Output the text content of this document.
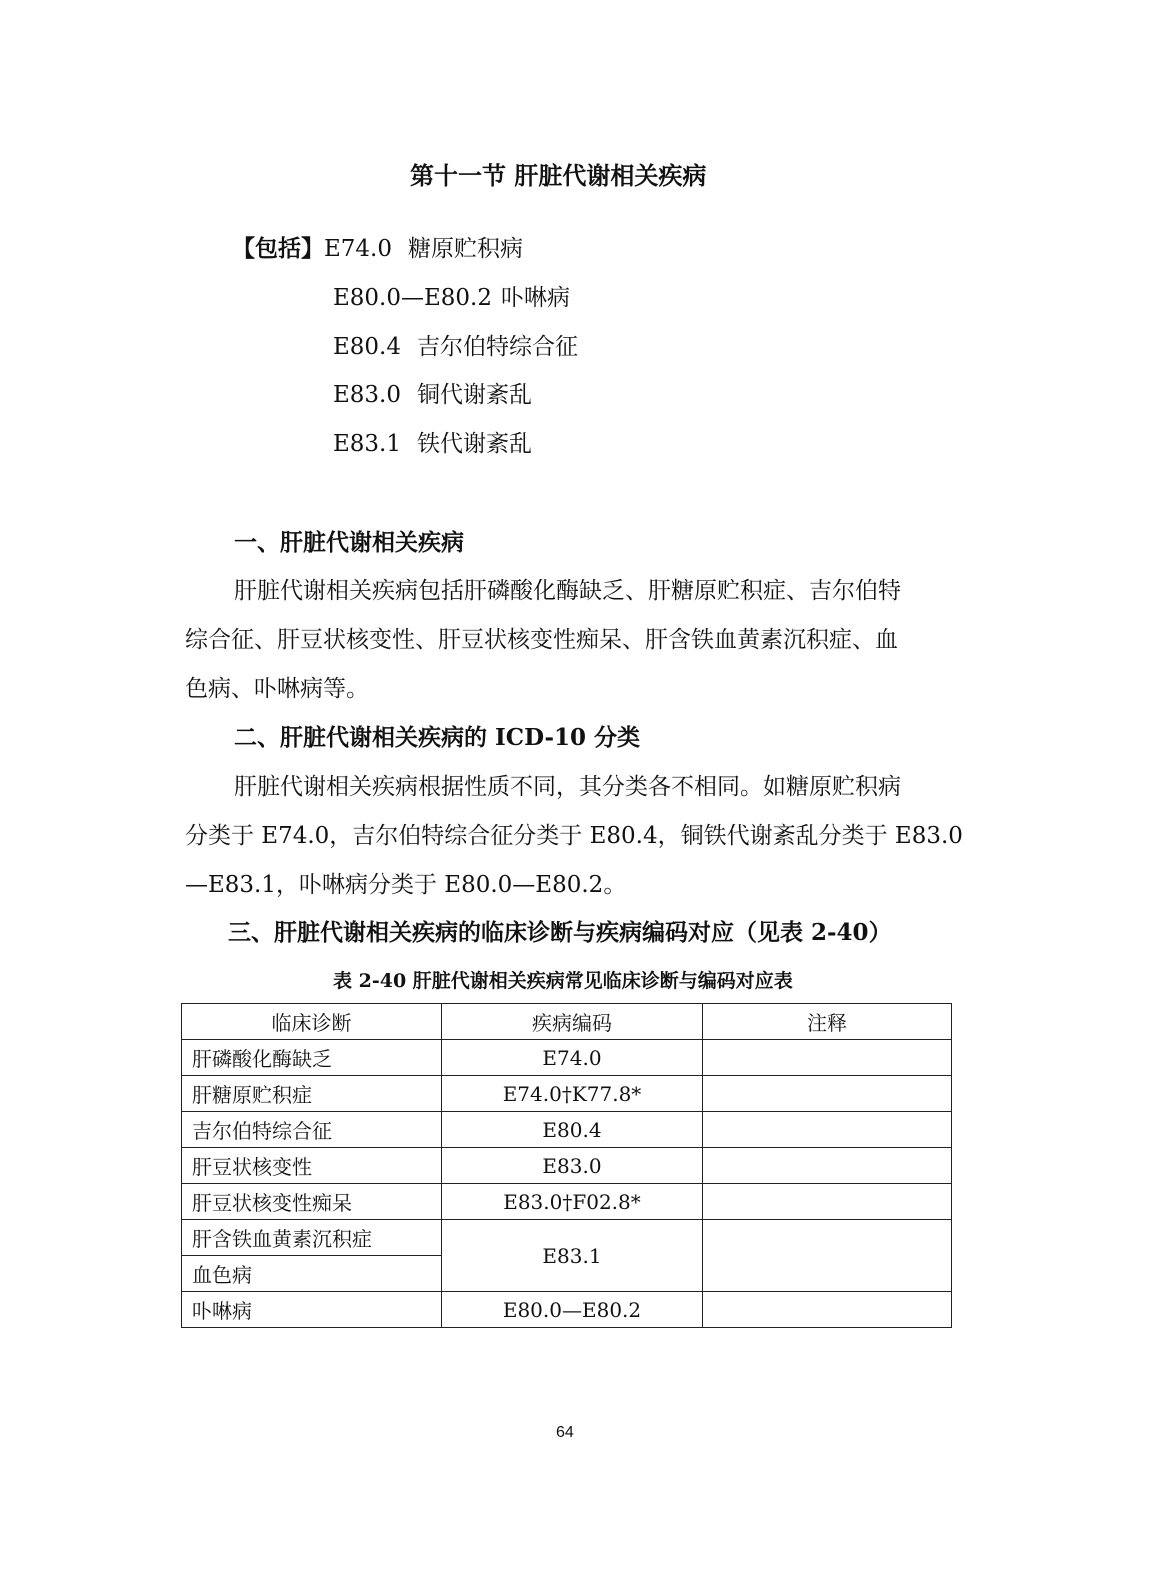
第十一节 肝脏代谢相关疾病
【包括】E74.0 糖原贮积病
E80.0—E80.2 卟啉病
E80.4 吉尔伯特综合征
E83.0 铜代谢紊乱
E83.1 铁代谢紊乱
一、肝脏代谢相关疾病
肝脏代谢相关疾病包括肝磷酸化酶缺乏、肝糖原贮积症、吉尔伯特
综合征、肝豆状核变性、肝豆状核变性痴呆、肝含铁血黄素沉积症、血
色病、卟啉病等。
二、肝脏代谢相关疾病的 ICD-10 分类
肝脏代谢相关疾病根据性质不同，其分类各不相同。如糖原贮积病
分类于 E74.0，吉尔伯特综合征分类于 E80.4，铜铁代谢紊乱分类于 E83.0
—E83.1，卟啉病分类于 E80.0—E80.2。
三、肝脏代谢相关疾病的临床诊断与疾病编码对应（见表 2-40）
表 2-40 肝脏代谢相关疾病常见临床诊断与编码对应表
临床诊断	疾病编码	注释
肝磷酸化酶缺乏	E74.0	
肝糖原贮积症	E74.0†K77.8*	
吉尔伯特综合征	E80.4	
肝豆状核变性	E83.0	
肝豆状核变性痴呆	E83.0†F02.8*	
肝含铁血黄素沉积症	E83.1	
血色病		
卟啉病	E80.0—E80.2	
64
